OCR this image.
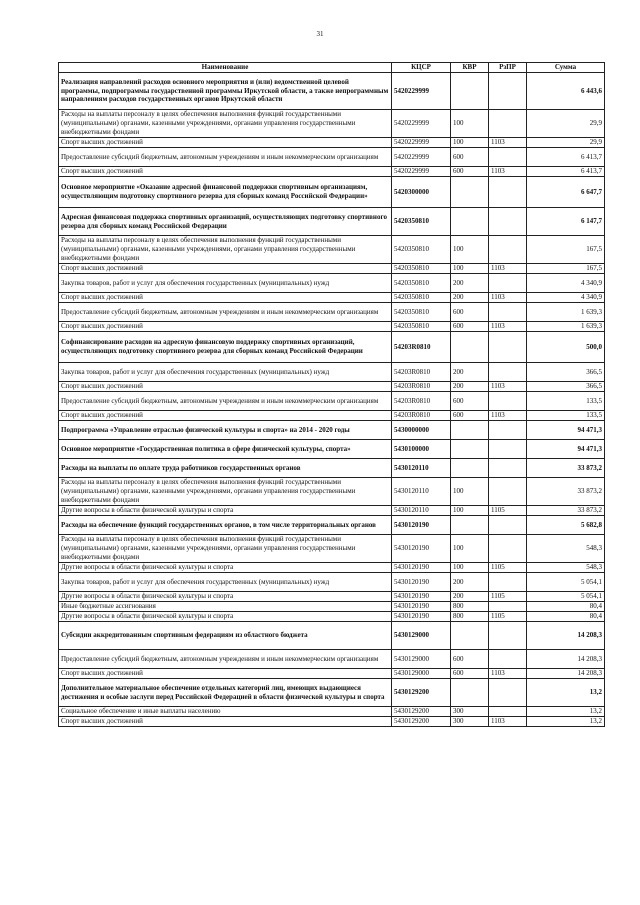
31
Наименование	КЦСР	КВР	РзПР	Сумма
Реализация направлений расходов основного мероприятия и (или) ведомственной целевой программы, подпрограммы государственной программы Иркутской области, а также непрограммным направлениям расходов государственных органов Иркутской области	5420229999			6 443,6
Расходы на выплаты персоналу в целях обеспечения выполнения функций государственными (муниципальными) органами, казенными учреждениями, органами управления государственными внебюджетными фондами	5420229999	100		29,9
Спорт высших достижений	5420229999	100	1103	29,9
Предоставление субсидий бюджетным, автономным учреждениям и иным некоммерческим организациям	5420229999	600		6 413,7
Спорт высших достижений	5420229999	600	1103	6 413,7
Основное мероприятие «Оказание адресной финансовой поддержки спортивным организациям, осуществляющим подготовку спортивного резерва для сборных команд Российской Федерации»	5420300000			6 647,7
Адресная финансовая поддержка спортивных организаций, осуществляющих подготовку спортивного резерва для сборных команд Российской Федерации	5420350810			6 147,7
Расходы на выплаты персоналу в целях обеспечения выполнения функций государственными (муниципальными) органами, казенными учреждениями, органами управления государственными внебюджетными фондами	5420350810	100		167,5
Спорт высших достижений	5420350810	100	1103	167,5
Закупка товаров, работ и услуг для обеспечения государственных (муниципальных) нужд	5420350810	200		4 340,9
Спорт высших достижений	5420350810	200	1103	4 340,9
Предоставление субсидий бюджетным, автономным учреждениям и иным некоммерческим организациям	5420350810	600		1 639,3
Спорт высших достижений	5420350810	600	1103	1 639,3
Софинансирование расходов на адресную финансовую поддержку спортивных организаций, осуществляющих подготовку спортивного резерва для сборных команд Российской Федерации	54203R0810			500,0
Закупка товаров, работ и услуг для обеспечения государственных (муниципальных) нужд	54203R0810	200		366,5
Спорт высших достижений	54203R0810	200	1103	366,5
Предоставление субсидий бюджетным, автономным учреждениям и иным некоммерческим организациям	54203R0810	600		133,5
Спорт высших достижений	54203R0810	600	1103	133,5
Подпрограмма «Управление отраслью физической культуры и спорта» на 2014 - 2020 годы	5430000000			94 471,3
Основное мероприятие «Государственная политика в сфере физической культуры, спорта»	5430100000			94 471,3
Расходы на выплаты по оплате труда работников государственных органов	5430120110			33 873,2
Расходы на выплаты персоналу в целях обеспечения выполнения функций государственными (муниципальными) органами, казенными учреждениями, органами управления государственными внебюджетными фондами	5430120110	100		33 873,2
Другие вопросы в области физической культуры и спорта	5430120110	100	1105	33 873,2
Расходы на обеспечение функций государственных органов, в том числе территориальных органов	5430120190			5 682,8
Расходы на выплаты персоналу в целях обеспечения выполнения функций государственными (муниципальными) органами, казенными учреждениями, органами управления государственными внебюджетными фондами	5430120190	100		548,3
Другие вопросы в области физической культуры и спорта	5430120190	100	1105	548,3
Закупка товаров, работ и услуг для обеспечения государственных (муниципальных) нужд	5430120190	200		5 054,1
Другие вопросы в области физической культуры и спорта	5430120190	200	1105	5 054,1
Иные бюджетные ассигнования	5430120190	800		80,4
Другие вопросы в области физической культуры и спорта	5430120190	800	1105	80,4
Субсидии аккредитованным спортивным федерациям из областного бюджета	5430129000			14 208,3
Предоставление субсидий бюджетным, автономным учреждениям и иным некоммерческим организациям	5430129000	600		14 208,3
Спорт высших достижений	5430129000	600	1103	14 208,3
Дополнительное материальное обеспечение отдельных категорий лиц, имеющих выдающиеся достижения и особые заслуги перед Российской Федерацией в области физической культуры и спорта	5430129200			13,2
Социальное обеспечение и иные выплаты населению	5430129200	300		13,2
Спорт высших достижений	5430129200	300	1103	13,2
